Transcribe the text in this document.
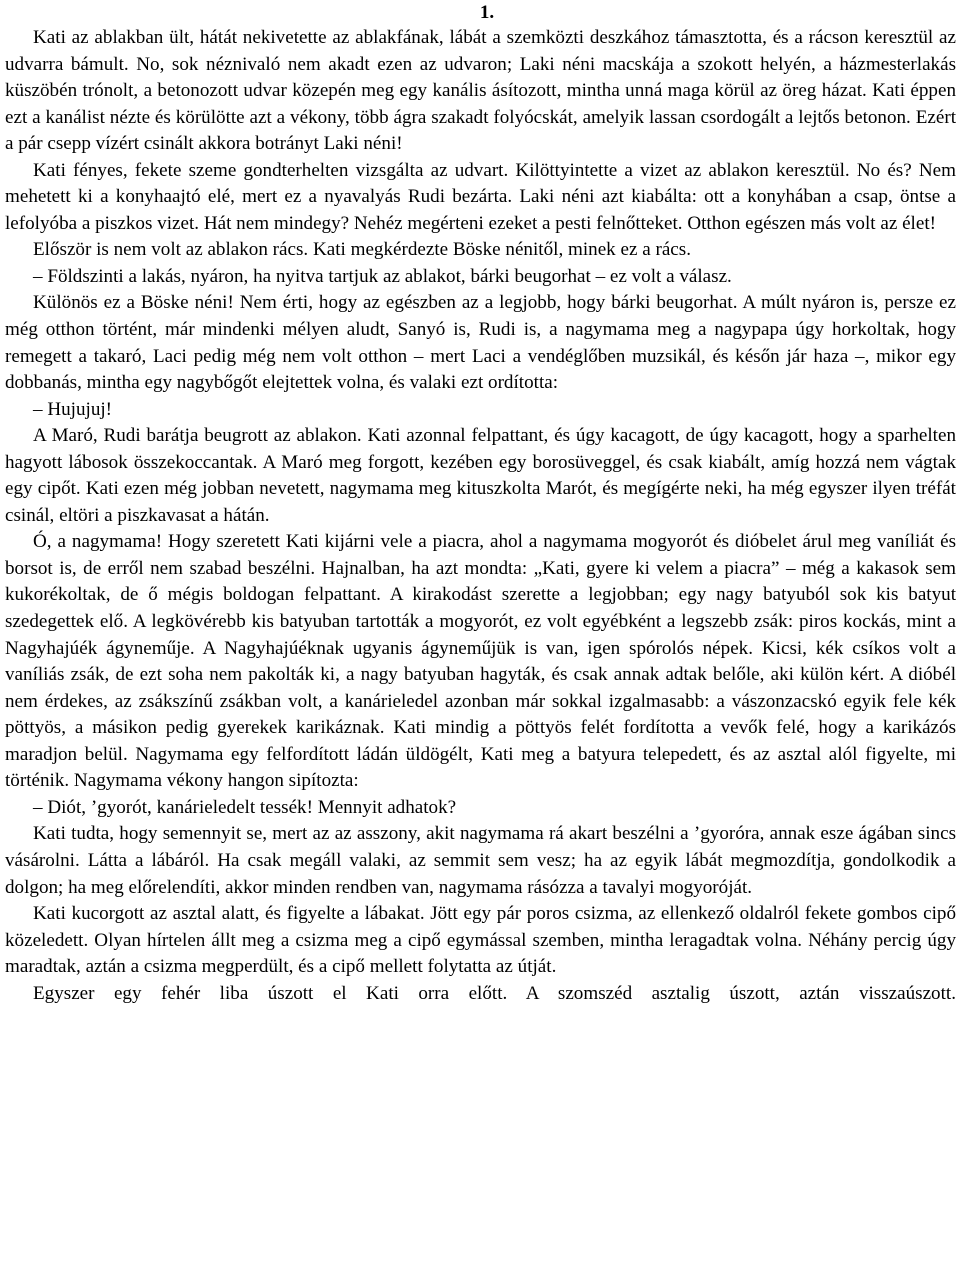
1.

Kati az ablakban ült, hátát nekivetette az ablakfának, lábát a szemközti deszkához támasztotta, és a rácson keresztül az udvarra bámult. No, sok néznivaló nem akadt ezen az udvaron; Laki néni macskája a szokott helyén, a házmesterlakás küszöbén trónolt, a betonozott udvar közepén meg egy kanális ásítozott, mintha unná maga körül az öreg házat. Kati éppen ezt a kanálist nézte és körülötte azt a vékony, több ágra szakadt folyócskát, amelyik lassan csordogált a lejtős betonon. Ezért a pár csepp vízért csinált akkora botrányt Laki néni!

Kati fényes, fekete szeme gondterhelten vizsgálta az udvart. Kilöttyintette a vizet az ablakon keresztül. No és? Nem mehetett ki a konyhaajtó elé, mert ez a nyavalyás Rudi bezárta. Laki néni azt kiabálta: ott a konyhában a csap, öntse a lefolyóba a piszkos vizet. Hát nem mindegy? Nehéz megérteni ezeket a pesti felnőtteket. Otthon egészen más volt az élet!

Először is nem volt az ablakon rács. Kati megkérdezte Böske nénitől, minek ez a rács.

– Földszinti a lakás, nyáron, ha nyitva tartjuk az ablakot, bárki beugorhat – ez volt a válasz.

Különös ez a Böske néni! Nem érti, hogy az egészben az a legjobb, hogy bárki beugorhat. A múlt nyáron is, persze ez még otthon történt, már mindenki mélyen aludt, Sanyó is, Rudi is, a nagymama meg a nagypapa úgy horkoltak, hogy remegett a takaró, Laci pedig még nem volt otthon – mert Laci a vendéglőben muzsikál, és későn jár haza –, mikor egy dobbanás, mintha egy nagybőgőt elejtettek volna, és valaki ezt ordította:

– Hujujuj!

A Maró, Rudi barátja beugrott az ablakon. Kati azonnal felpattant, és úgy kacagott, de úgy kacagott, hogy a sparhelten hagyott lábosok összekoccantak. A Maró meg forgott, kezében egy borosüveggel, és csak kiabált, amíg hozzá nem vágtak egy cipőt. Kati ezen még jobban nevetett, nagymama meg kituszkolta Marót, és megígérte neki, ha még egyszer ilyen tréfát csinál, eltöri a piszkavasat a hátán.

Ó, a nagymama! Hogy szeretett Kati kijárni vele a piacra, ahol a nagymama mogyorót és dióbelet árul meg vaníliát és borsot is, de erről nem szabad beszélni. Hajnalban, ha azt mondta: „Kati, gyere ki velem a piacra” – még a kakasok sem kukorékoltak, de ő mégis boldogan felpattant. A kirakodást szerette a legjobban; egy nagy batyuból sok kis batyut szedegettek elő. A legkövérebb kis batyuban tartották a mogyorót, ez volt egyébként a legszebb zsák: piros kockás, mint a Nagyhajúék ágyneműje. A Nagyhajúéknak ugyanis ágyneműjük is van, igen spórolós népek. Kicsi, kék csíkos volt a vaníliás zsák, de ezt soha nem pakolták ki, a nagy batyuban hagyták, és csak annak adtak belőle, aki külön kért. A dióbél nem érdekes, az zsákszínű zsákban volt, a kanárieledel azonban már sokkal izgalmasabb: a vászonzacskó egyik fele kék pöttyös, a másikon pedig gyerekek karikáznak. Kati mindig a pöttyös felét fordította a vevők felé, hogy a karikázós maradjon belül. Nagymama egy felfordított ládán üldögélt, Kati meg a batyura telepedett, és az asztal alól figyelte, mi történik. Nagymama vékony hangon sipítozta:

– Diót, ’gyorót, kanárieledelt tessék! Mennyit adhatok?

Kati tudta, hogy semennyit se, mert az az asszony, akit nagymama rá akart beszélni a ’gyoróra, annak esze ágában sincs vásárolni. Látta a lábáról. Ha csak megáll valaki, az semmit sem vesz; ha az egyik lábát megmozdítja, gondolkodik a dolgon; ha meg előrelendíti, akkor minden rendben van, nagymama rásózza a tavalyi mogyoróját.

Kati kucorgott az asztal alatt, és figyelte a lábakat. Jött egy pár poros csizma, az ellenkező oldalról fekete gombos cipő közeledett. Olyan hírtelen állt meg a csizma meg a cipő egymással szemben, mintha leragadtak volna. Néhány percig úgy maradtak, aztán a csizma megperdült, és a cipő mellett folytatta az útját.

Egyszer egy fehér liba úszott el Kati orra előtt. A szomszéd asztalig úszott, aztán visszaúszott.
